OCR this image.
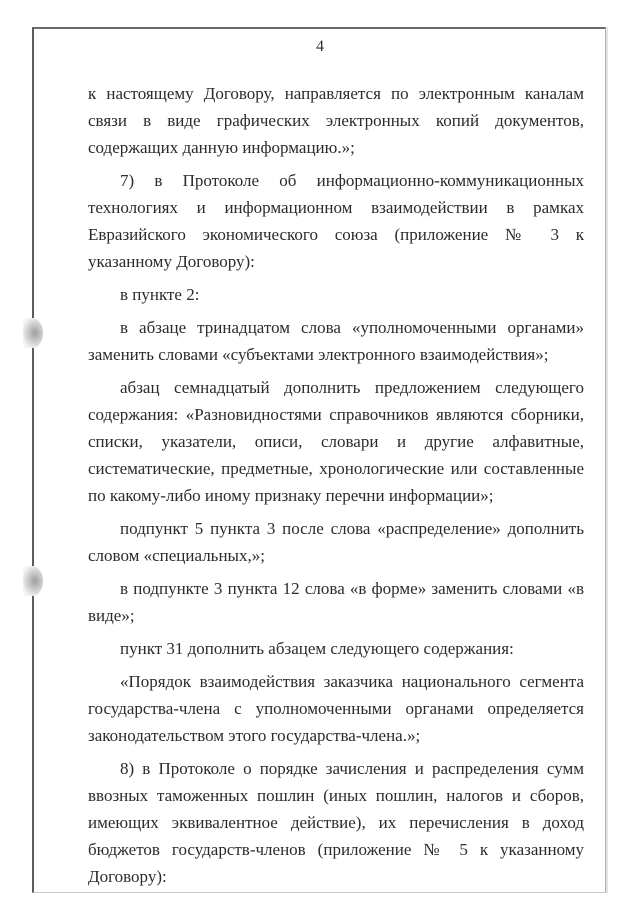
4

к настоящему Договору, направляется по электронным каналам связи в виде графических электронных копий документов, содержащих данную информацию.»;

7) в Протоколе об информационно-коммуникационных технологиях и информационном взаимодействии в рамках Евразийского экономического союза (приложение № 3 к указанному Договору):

в пункте 2:

в абзаце тринадцатом слова «уполномоченными органами» заменить словами «субъектами электронного взаимодействия»;

абзац семнадцатый дополнить предложением следующего содержания: «Разновидностями справочников являются сборники, списки, указатели, описи, словари и другие алфавитные, систематические, предметные, хронологические или составленные по какому-либо иному признаку перечни информации»;

подпункт 5 пункта 3 после слова «распределение» дополнить словом «специальных,»;

в подпункте 3 пункта 12 слова «в форме» заменить словами «в виде»;

пункт 31 дополнить абзацем следующего содержания:

«Порядок взаимодействия заказчика национального сегмента государства-члена с уполномоченными органами определяется законодательством этого государства-члена.»;

8) в Протоколе о порядке зачисления и распределения сумм ввозных таможенных пошлин (иных пошлин, налогов и сборов, имеющих эквивалентное действие), их перечисления в доход бюджетов государств-членов (приложение № 5 к указанному Договору):
